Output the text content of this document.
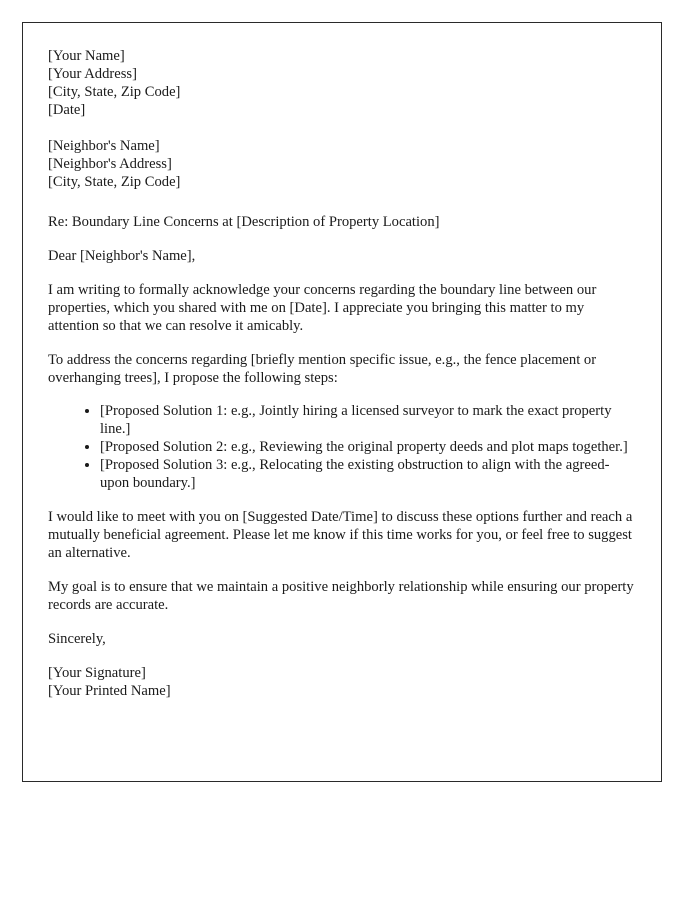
[Your Name]
[Your Address]
[City, State, Zip Code]
[Date]
[Neighbor's Name]
[Neighbor's Address]
[City, State, Zip Code]

Re: Boundary Line Concerns at [Description of Property Location]

Dear [Neighbor's Name],

I am writing to formally acknowledge your concerns regarding the boundary line between our properties, which you shared with me on [Date]. I appreciate you bringing this matter to my attention so that we can resolve it amicably.

To address the concerns regarding [briefly mention specific issue, e.g., the fence placement or overhanging trees], I propose the following steps:

• [Proposed Solution 1: e.g., Jointly hiring a licensed surveyor to mark the exact property line.]
• [Proposed Solution 2: e.g., Reviewing the original property deeds and plot maps together.]
• [Proposed Solution 3: e.g., Relocating the existing obstruction to align with the agreed-upon boundary.]

I would like to meet with you on [Suggested Date/Time] to discuss these options further and reach a mutually beneficial agreement. Please let me know if this time works for you, or feel free to suggest an alternative.

My goal is to ensure that we maintain a positive neighborly relationship while ensuring our property records are accurate.

Sincerely,

[Your Signature]
[Your Printed Name]
